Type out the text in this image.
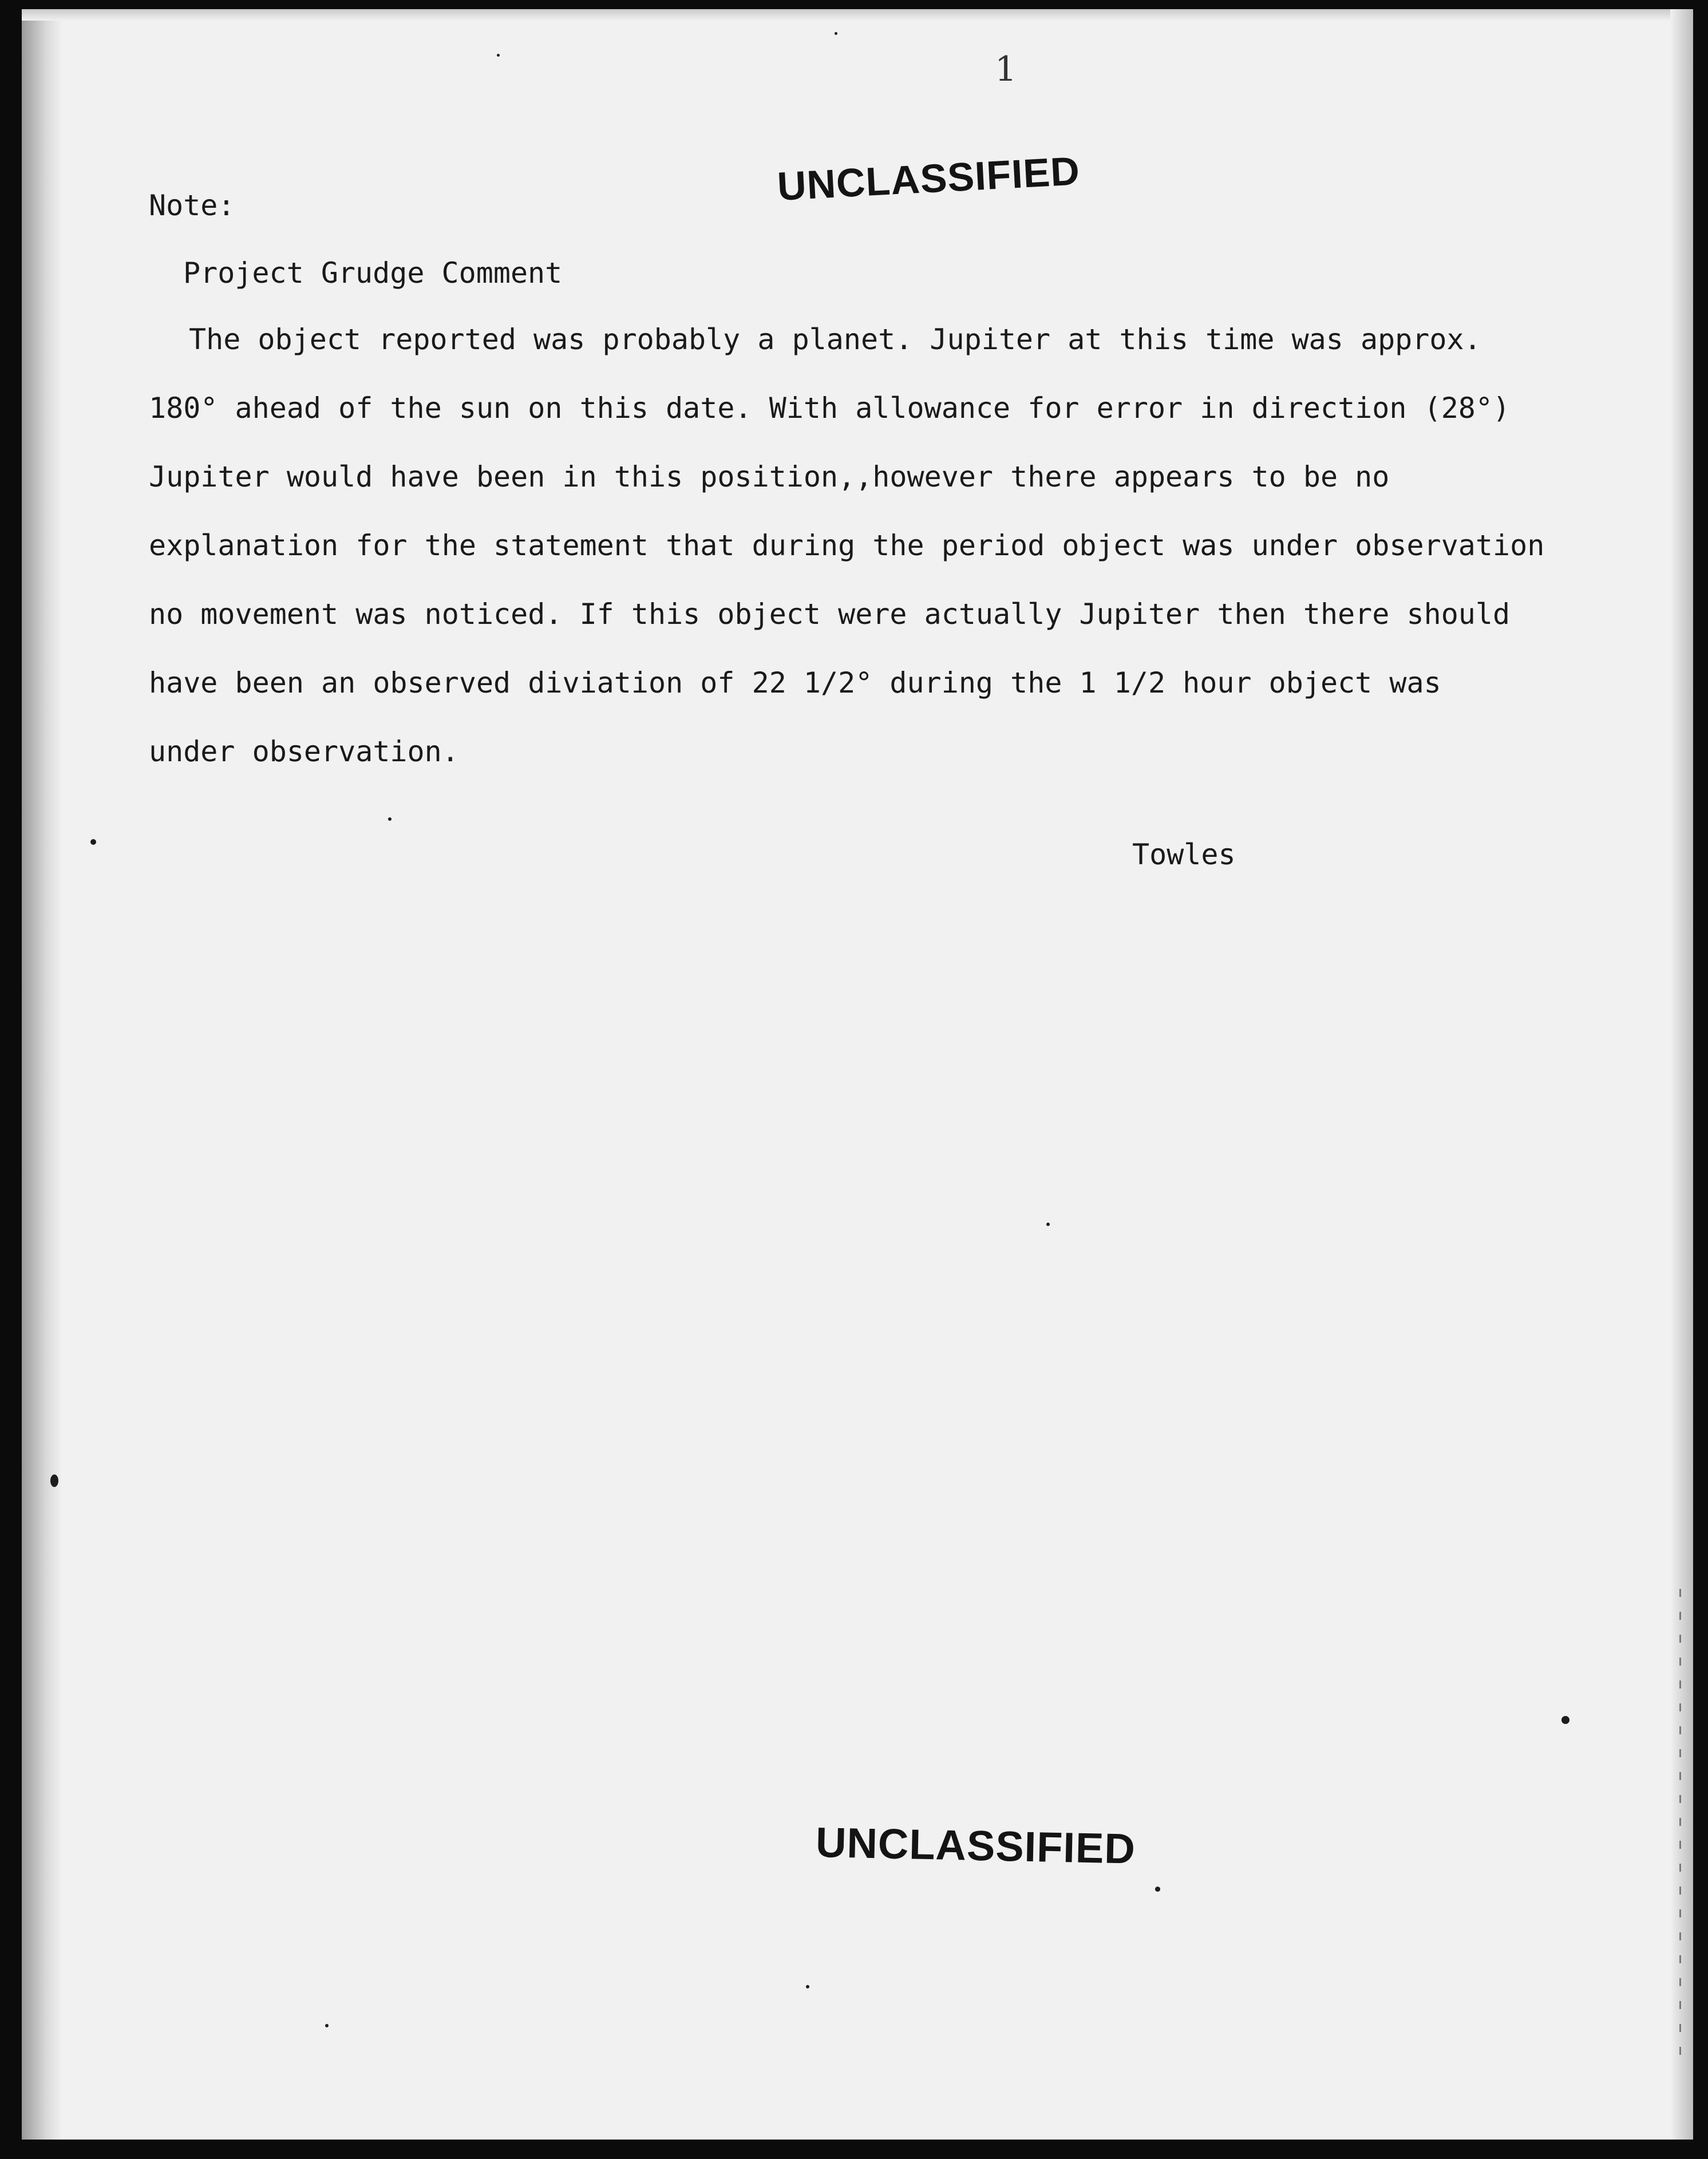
1
UNCLASSIFIED
Note:
Project Grudge Comment
The object reported was probably a planet. Jupiter at this time was approx.
180° ahead of the sun on this date. With allowance for error in direction (28°)
Jupiter would have been in this position,,however there appears to be no
explanation for the statement that during the period object was under observation
no movement was noticed. If this object were actually Jupiter then there should
have been an observed diviation of 22 1/2° during the 1 1/2 hour object was
under observation.
Towles
UNCLASSIFIED
